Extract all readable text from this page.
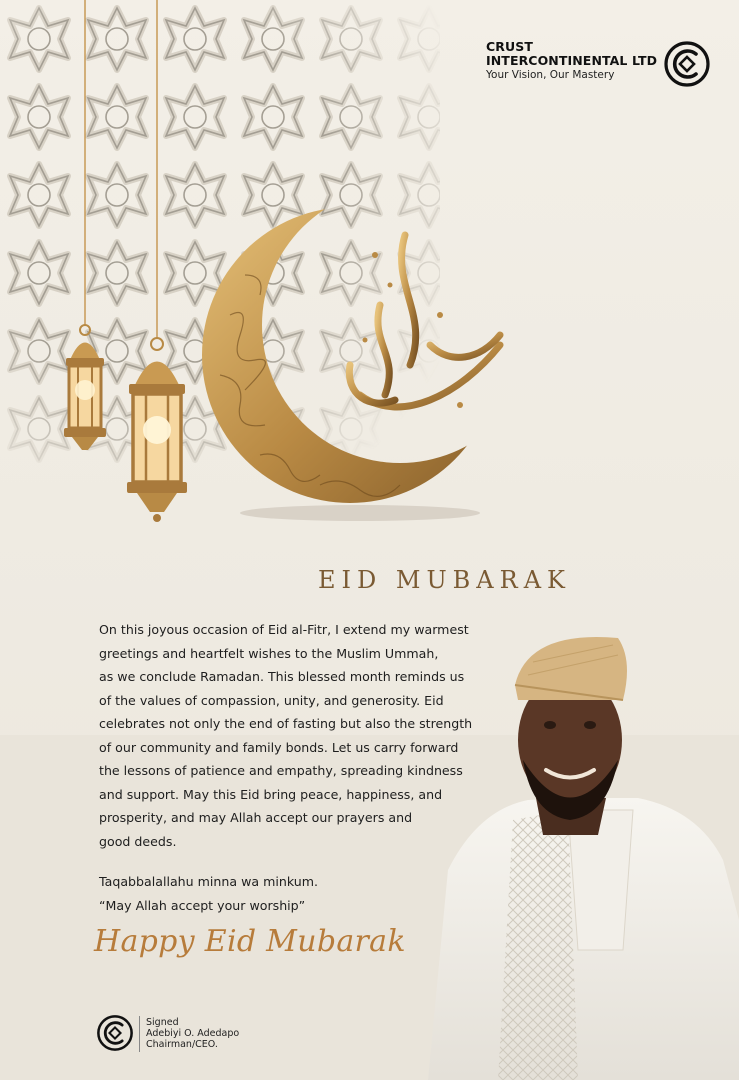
CRUST
INTERCONTINENTAL LTD
Your Vision, Our Mastery
EID MUBARAK

On this joyous occasion of Eid al-Fitr, I extend my warmest

greetings and heartfelt wishes to the Muslim Ummah,

as we conclude Ramadan. This blessed month reminds us

of the values of compassion, unity, and generosity. Eid

celebrates not only the end of fasting but also the strength

of our community and family bonds. Let us carry forward

the lessons of patience and empathy, spreading kindness

and support. May this Eid bring peace, happiness, and

prosperity, and may Allah accept our prayers and

good deeds.

Taqabbalallahu minna wa minkum.

“May Allah accept your worship”

Happy Eid Mubarak
Signed
Adebiyi O. Adedapo
Chairman/CEO.
